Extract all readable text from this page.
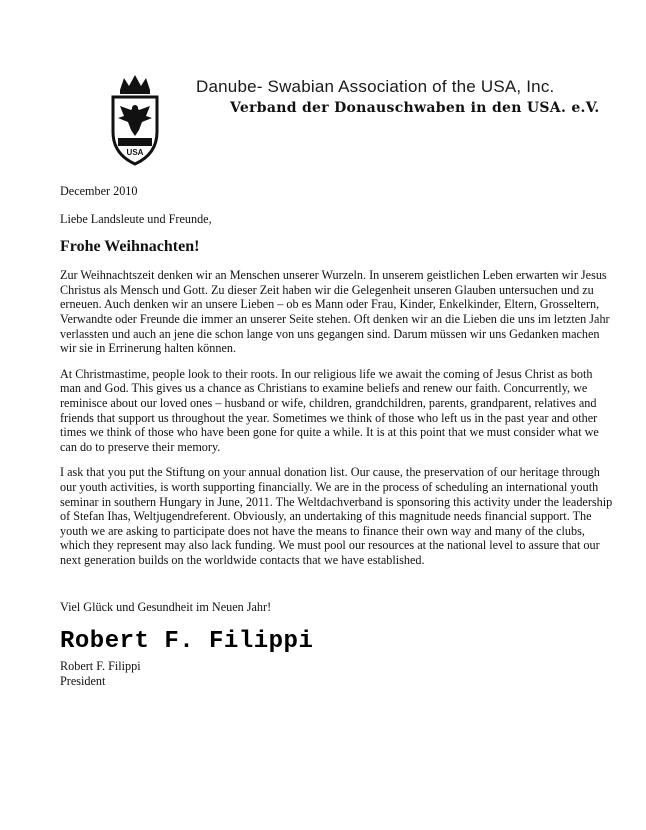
USA
Danube- Swabian Association of the USA, Inc.
Verband der Donauschwaben in den USA. e.V.

December 2010

Liebe Landsleute und Freunde,

Frohe Weihnachten!

Zur Weihnachtszeit denken wir an Menschen unserer Wurzeln. In unserem geistlichen Leben erwarten wir Jesus Christus als Mensch und Gott. Zu dieser Zeit haben wir die Gelegenheit unseren Glauben untersuchen und zu erneuen. Auch denken wir an unsere Lieben – ob es Mann oder Frau, Kinder, Enkelkinder, Eltern, Grosseltern, Verwandte oder Freunde die immer an unserer Seite stehen. Oft denken wir an die Lieben die uns im letzten Jahr verlassten und auch an jene die schon lange von uns gegangen sind. Darum müssen wir uns Gedanken machen wir sie in Errinerung halten können.

At Christmastime, people look to their roots. In our religious life we await the coming of Jesus Christ as both man and God. This gives us a chance as Christians to examine beliefs and renew our faith. Concurrently, we reminisce about our loved ones – husband or wife, children, grandchildren, parents, grandparent, relatives and friends that support us throughout the year. Sometimes we think of those who left us in the past year and other times we think of those who have been gone for quite a while. It is at this point that we must consider what we can do to preserve their memory.

I ask that you put the Stiftung on your annual donation list. Our cause, the preservation of our heritage through our youth activities, is worth supporting financially. We are in the process of scheduling an international youth seminar in southern Hungary in June, 2011. The Weltdachverband is sponsoring this activity under the leadership of Stefan Ihas, Weltjugendreferent. Obviously, an undertaking of this magnitude needs financial support. The youth we are asking to participate does not have the means to finance their own way and many of the clubs, which they represent may also lack funding. We must pool our resources at the national level to assure that our next generation builds on the worldwide contacts that we have established.

Viel Glück und Gesundheit im Neuen Jahr!

Robert F. Filippi

Robert F. Filippi

President
